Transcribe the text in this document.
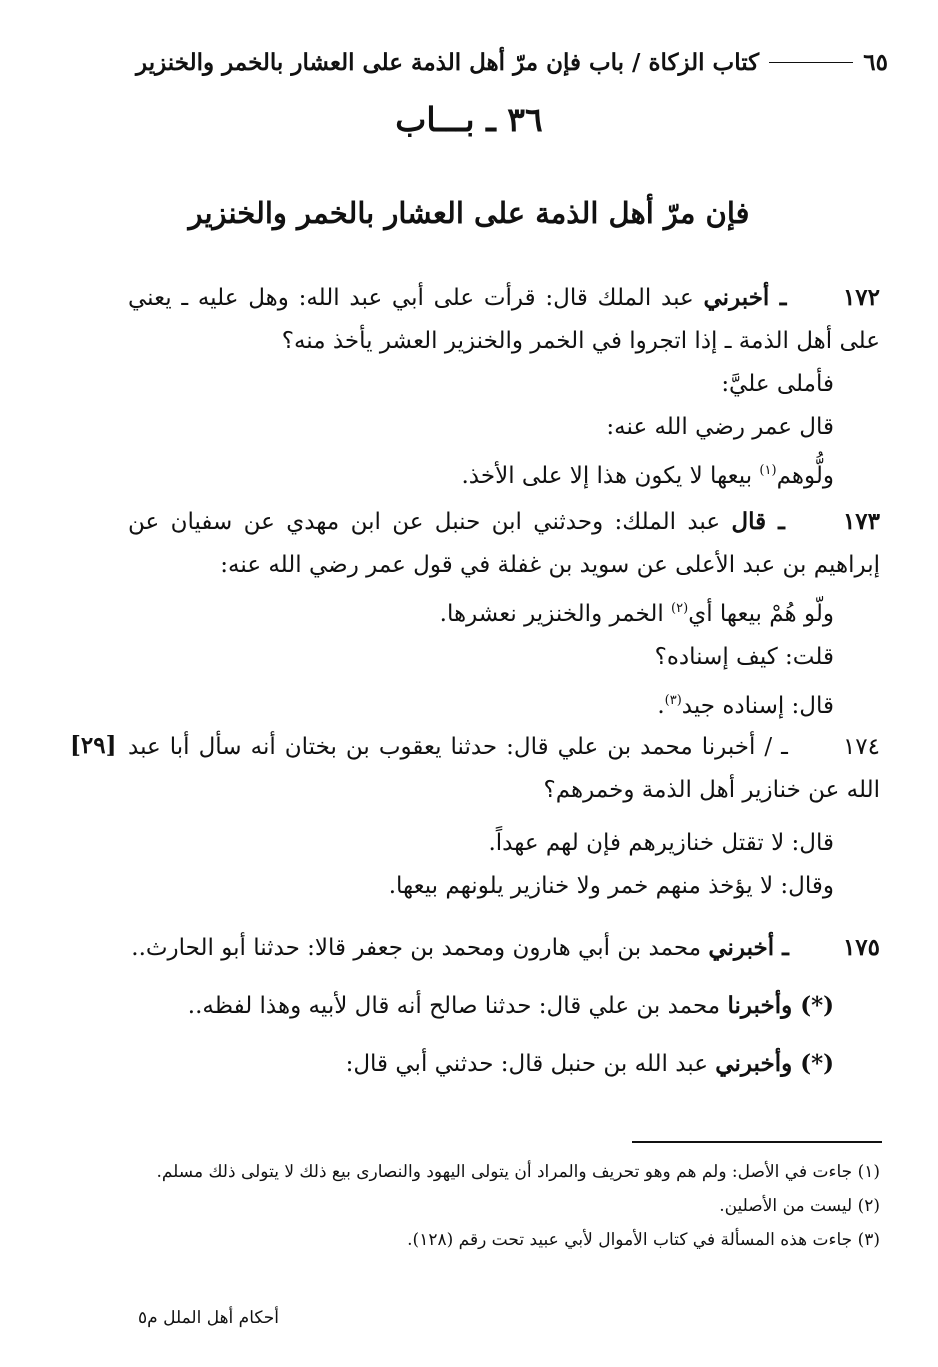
كتاب الزكاة / باب فإن مرّ أهل الذمة على العشار بالخمر والخنزير	٦٥
٣٦ ـ بـــاب
فإن مرّ أهل الذمة على العشار بالخمر والخنزير

١٧٢ ـ أخبرني عبد الملك قال: قرأت على أبي عبد الله: وهل عليه ـ يعني على أهل الذمة ـ إذا اتجروا في الخمر والخنزير العشر يأخذ منه؟

فأملى عليَّ:

قال عمر رضي الله عنه:

ولُّوهم$^{(١)}$ بيعها لا يكون هذا إلا على الأخذ.

١٧٣ ـ قال عبد الملك: وحدثني ابن حنبل عن ابن مهدي عن سفيان عن إبراهيم بن عبد الأعلى عن سويد بن غفلة في قول عمر رضي الله عنه:

ولّو هُمْ بيعها أي$^{(٢)}$ الخمر والخنزير نعشرها.

قلت: كيف إسناده؟

قال: إسناده جيد$^{(٣)}$.

[٢٩] ١٧٤ ـ / أخبرنا محمد بن علي قال: حدثنا يعقوب بن بختان أنه سأل أبا عبد الله عن خنازير أهل الذمة وخمرهم؟

قال: لا تقتل خنازيرهم فإن لهم عهداً.

وقال: لا يؤخذ منهم خمر ولا خنازير يلونهم بيعها.

١٧٥ ـ أخبرني محمد بن أبي هارون ومحمد بن جعفر قالا: حدثنا أبو الحارث..

(*) وأخبرنا محمد بن علي قال: حدثنا صالح أنه قال لأبيه وهذا لفظه..

(*) وأخبرني عبد الله بن حنبل قال: حدثني أبي قال:

(١) جاءت في الأصل: ولم هم وهو تحريف والمراد أن يتولى اليهود والنصارى بيع ذلك لا يتولى ذلك مسلم.

(٢) ليست من الأصلين.

(٣) جاءت هذه المسألة في كتاب الأموال لأبي عبيد تحت رقم (١٢٨).

أحكام أهل الملل م٥
